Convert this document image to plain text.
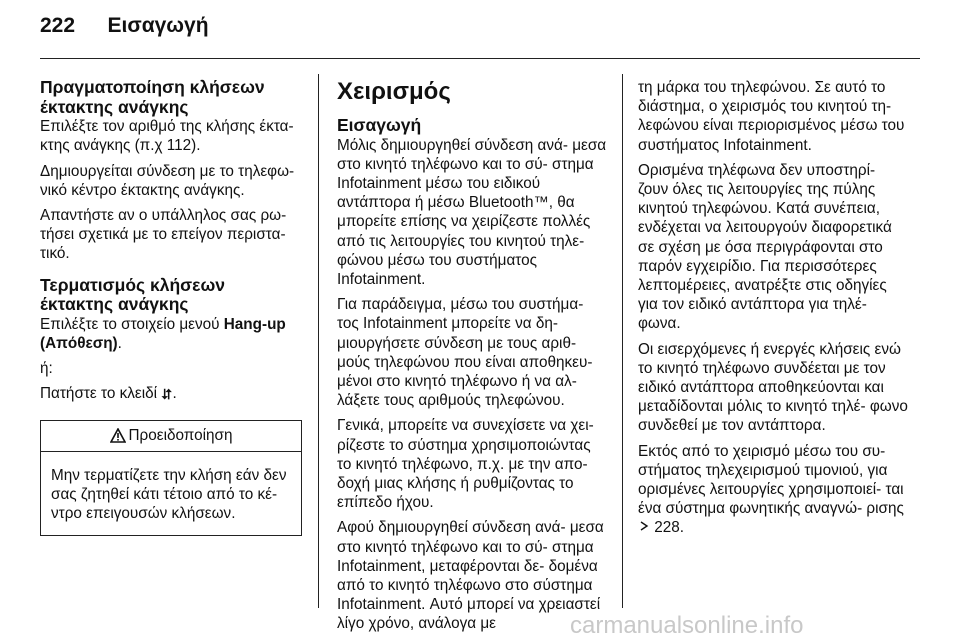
222 Εισαγωγή
Πραγματοποίηση κλήσεων έκτακτης ανάγκης

Επιλέξτε τον αριθμό της κλήσης έκτα‐ κτης ανάγκης (π.χ 112).

Δημιουργείται σύνδεση με το τηλεφω‐ νικό κέντρο έκτακτης ανάγκης.

Απαντήστε αν ο υπάλληλος σας ρω‐ τήσει σχετικά με το επείγον περιστα‐ τικό.

Τερματισμός κλήσεων έκτακτης ανάγκης

Επιλέξτε το στοιχείο μενού Hang-up (Απόθεση).

ή:

Πατήστε το κλειδί ⮃.

Προειδοποίηση
Μην τερματίζετε την κλήση εάν δεν σας ζητηθεί κάτι τέτοιο από το κέ‐ ντρο επειγουσών κλήσεων.
Χειρισμός
Εισαγωγή

Μόλις δημιουργηθεί σύνδεση ανά‐ μεσα στο κινητό τηλέφωνο και το σύ‐ στημα Infotainment μέσω του ειδικού αντάπτορα ή μέσω Bluetooth™, θα μπορείτε επίσης να χειρίζεστε πολλές από τις λειτουργίες του κινητού τηλε‐ φώνου μέσω του συστήματος Infotainment.

Για παράδειγμα, μέσω του συστήμα‐ τος Infotainment μπορείτε να δη‐ μιουργήσετε σύνδεση με τους αριθ‐ μούς τηλεφώνου που είναι αποθηκευ‐ μένοι στο κινητό τηλέφωνο ή να αλ‐ λάξετε τους αριθμούς τηλεφώνου.

Γενικά, μπορείτε να συνεχίσετε να χει‐ ρίζεστε το σύστημα χρησιμοποιώντας το κινητό τηλέφωνο, π.χ. με την απο‐ δοχή μιας κλήσης ή ρυθμίζοντας το επίπεδο ήχου.

Αφού δημιουργηθεί σύνδεση ανά‐ μεσα στο κινητό τηλέφωνο και το σύ‐ στημα Infotainment, μεταφέρονται δε‐ δομένα από το κινητό τηλέφωνο στο σύστημα Infotainment. Αυτό μπορεί να χρειαστεί λίγο χρόνο, ανάλογα με

τη μάρκα του τηλεφώνου. Σε αυτό το διάστημα, ο χειρισμός του κινητού τη‐ λεφώνου είναι περιορισμένος μέσω του συστήματος Infotainment.

Ορισμένα τηλέφωνα δεν υποστηρί‐ ζουν όλες τις λειτουργίες της πύλης κινητού τηλεφώνου. Κατά συνέπεια, ενδέχεται να λειτουργούν διαφορετικά σε σχέση με όσα περιγράφονται στο παρόν εγχειρίδιο. Για περισσότερες λεπτομέρειες, ανατρέξτε στις οδηγίες για τον ειδικό αντάπτορα για τηλέ‐ φωνα.

Οι εισερχόμενες ή ενεργές κλήσεις ενώ το κινητό τηλέφωνο συνδέεται με τον ειδικό αντάπτορα αποθηκεύονται και μεταδίδονται μόλις το κινητό τηλέ‐ φωνο συνδεθεί με τον αντάπτορα.

Εκτός από το χειρισμό μέσω του συ‐ στήματος τηλεχειρισμού τιμονιού, για ορισμένες λειτουργίες χρησιμοποιεί‐ ται ένα σύστημα φωνητικής αναγνώ‐ ρισης  228.

carmanualsonline.info
